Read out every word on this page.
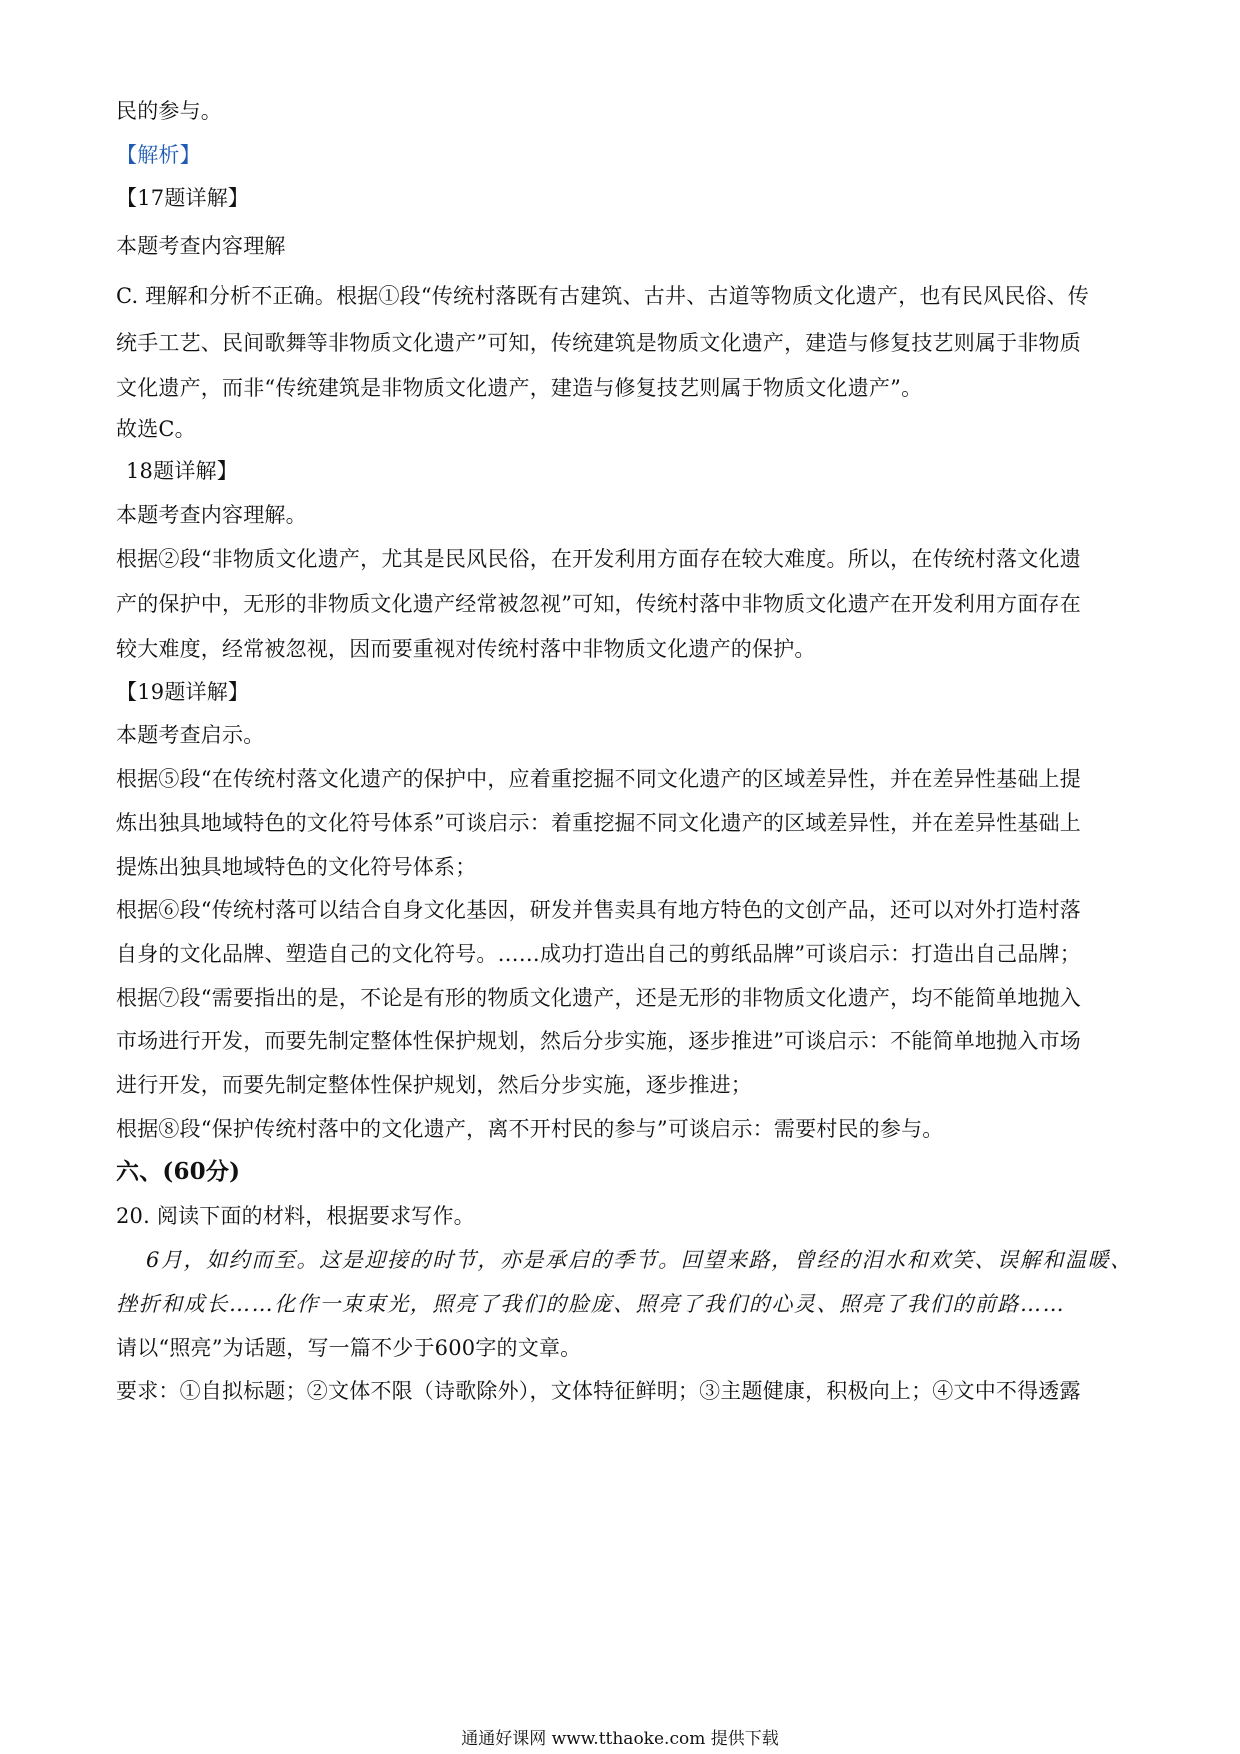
民的参与。
【解析】
【17题详解】
本题考查内容理解
C. 理解和分析不正确。根据①段“传统村落既有古建筑、古井、古道等物质文化遗产，也有民风民俗、传
统手工艺、民间歌舞等非物质文化遗产”可知，传统建筑是物质文化遗产，建造与修复技艺则属于非物质
文化遗产，而非“传统建筑是非物质文化遗产，建造与修复技艺则属于物质文化遗产”。
故选C。
18题详解】
本题考查内容理解。
根据②段“非物质文化遗产，尤其是民风民俗，在开发利用方面存在较大难度。所以，在传统村落文化遗
产的保护中，无形的非物质文化遗产经常被忽视”可知，传统村落中非物质文化遗产在开发利用方面存在
较大难度，经常被忽视，因而要重视对传统村落中非物质文化遗产的保护。
【19题详解】
本题考查启示。
根据⑤段“在传统村落文化遗产的保护中，应着重挖掘不同文化遗产的区域差异性，并在差异性基础上提
炼出独具地域特色的文化符号体系”可谈启示：着重挖掘不同文化遗产的区域差异性，并在差异性基础上
提炼出独具地域特色的文化符号体系；
根据⑥段“传统村落可以结合自身文化基因，研发并售卖具有地方特色的文创产品，还可以对外打造村落
自身的文化品牌、塑造自己的文化符号。……成功打造出自己的剪纸品牌”可谈启示：打造出自己品牌；
根据⑦段“需要指出的是，不论是有形的物质文化遗产，还是无形的非物质文化遗产，均不能简单地抛入
市场进行开发，而要先制定整体性保护规划，然后分步实施，逐步推进”可谈启示：不能简单地抛入市场
进行开发，而要先制定整体性保护规划，然后分步实施，逐步推进；
根据⑧段“保护传统村落中的文化遗产，离不开村民的参与”可谈启示：需要村民的参与。
六、(60分)
20. 阅读下面的材料，根据要求写作。
6月，如约而至。这是迎接的时节，亦是承启的季节。回望来路，曾经的泪水和欢笑、误解和温暖、
挫折和成长……化作一束束光，照亮了我们的脸庞、照亮了我们的心灵、照亮了我们的前路……
请以“照亮”为话题，写一篇不少于600字的文章。
要求：①自拟标题；②文体不限（诗歌除外），文体特征鲜明；③主题健康，积极向上；④文中不得透露
通通好课网 www.tthaoke.com 提供下载
